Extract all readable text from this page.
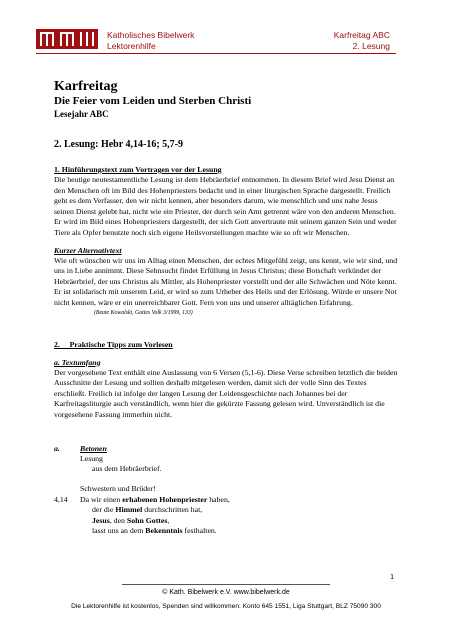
Katholisches Bibelwerk
Lektorenhilfe
Karfreitag ABC
2. Lesung

Karfreitag

Die Feier vom Leiden und Sterben Christi

Lesejahr ABC

2. Lesung: Hebr 4,14-16; 5,7-9

1. Hinführungstext zum Vortragen vor der Lesung

Die heutige neutestamentliche Lesung ist dem Hebräerbrief entnommen. In diesem Brief wird Jesu Dienst an den Menschen oft im Bild des Hohenpriesters bedacht und in einer liturgischen Sprache dargestellt. Freilich geht es dem Verfasser, den wir nicht kennen, aber besonders darum, wie menschlich und uns nahe Jesus seinen Dienst gelebt hat, nicht wie ein Priester, der durch sein Amt getrennt wäre von den anderen Menschen.

Er wird im Bild eines Hohenpriesters dargestellt, der sich Gott anvertraute mit seinem ganzen Sein und weder Tiere als Opfer benutzte noch sich eigene Heilsvorstellungen machte wie so oft wir Menschen.

Kurzer Alternativtext

Wie oft wünschen wir uns im Alltag einen Menschen, der echtes Mitgefühl zeigt, uns kennt, wie wir sind, und uns in Liebe annimmt. Diese Sehnsucht findet Erfüllung in Jesus Christus; diese Botschaft verkündet der Hebräerbrief, der uns Christus als Mittler, als Hohenpriester vorstellt und der alle Schwächen und Nöte kennt. Er ist solidarisch mit unserem Leid, er wird so zum Urheber des Heils und der Erlösung. Würde er unsere Not nicht kennen, wäre er ein unerreichbarer Gott. Fern von uns und unserer alltäglichen Erfahrung.

(Beate Kowalski, Gottes Volk 3/1999, 133)

2.     Praktische Tipps zum Vorlesen

a. Textumfang

Der vorgesehene Text enthält eine Auslassung von 6 Versen (5,1-6). Diese Verse schreiben letztlich die beiden Ausschnitte der Lesung und sollten deshalb mitgelesen werden, damit sich der volle Sinn des Textes erschließt. Freilich ist infolge der langen Lesung der Leidensgeschichte nach Johannes bei der Karfreitagsliturgie auch verständlich, wenn hier die gekürzte Fassung gelesen wird. Unverständlich ist die vorgesehene Fassung immerhin nicht.

a.	Betonen
Lesung
aus dem Hebräerbrief.
Schwestern und Brüder!
4,14	Da wir einen erhabenen Hohenpriester haben,
der die Himmel durchschritten hat,
Jesus, den Sohn Gottes,
lasst uns an dem Bekenntnis festhalten.
1
© Kath. Bibelwerk e.V. www.bibelwerk.de
Die Lektorenhilfe ist kostenlos, Spenden sind willkommen: Konto 645 1551, Liga Stuttgart, BLZ 75090 300
